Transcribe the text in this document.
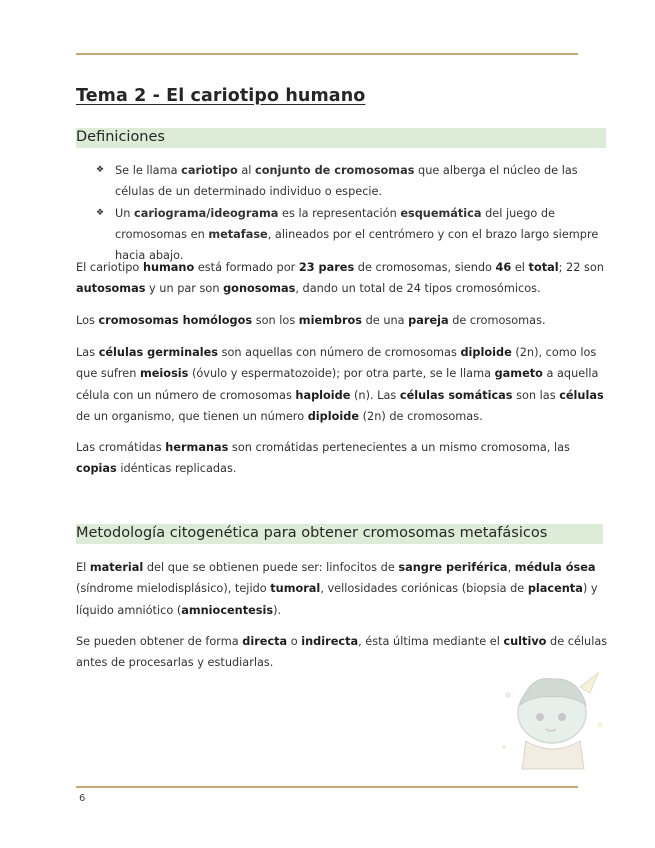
Tema 2 - El cariotipo humano
Definiciones
❖ Se le llama cariotipo al conjunto de cromosomas que alberga el núcleo de las células de un determinado individuo o especie.
❖ Un cariograma/ideograma es la representación esquemática del juego de cromosomas en metafase, alineados por el centrómero y con el brazo largo siempre hacia abajo.

El cariotipo humano está formado por 23 pares de cromosomas, siendo 46 el total; 22 son autosomas y un par son gonosomas, dando un total de 24 tipos cromosómicos.

Los cromosomas homólogos son los miembros de una pareja de cromosomas.

Las células germinales son aquellas con número de cromosomas diploide (2n), como los que sufren meiosis (óvulo y espermatozoide); por otra parte, se le llama gameto a aquella célula con un número de cromosomas haploide (n). Las células somáticas son las células de un organismo, que tienen un número diploide (2n) de cromosomas.

Las cromátidas hermanas son cromátidas pertenecientes a un mismo cromosoma, las copias idénticas replicadas.

Metodología citogenética para obtener cromosomas metafásicos

El material del que se obtienen puede ser: linfocitos de sangre periférica, médula ósea (síndrome mielodisplásico), tejido tumoral, vellosidades coriónicas (biopsia de placenta) y líquido amniótico (amniocentesis).

Se pueden obtener de forma directa o indirecta, ésta última mediante el cultivo de células antes de procesarlas y estudiarlas.

6
